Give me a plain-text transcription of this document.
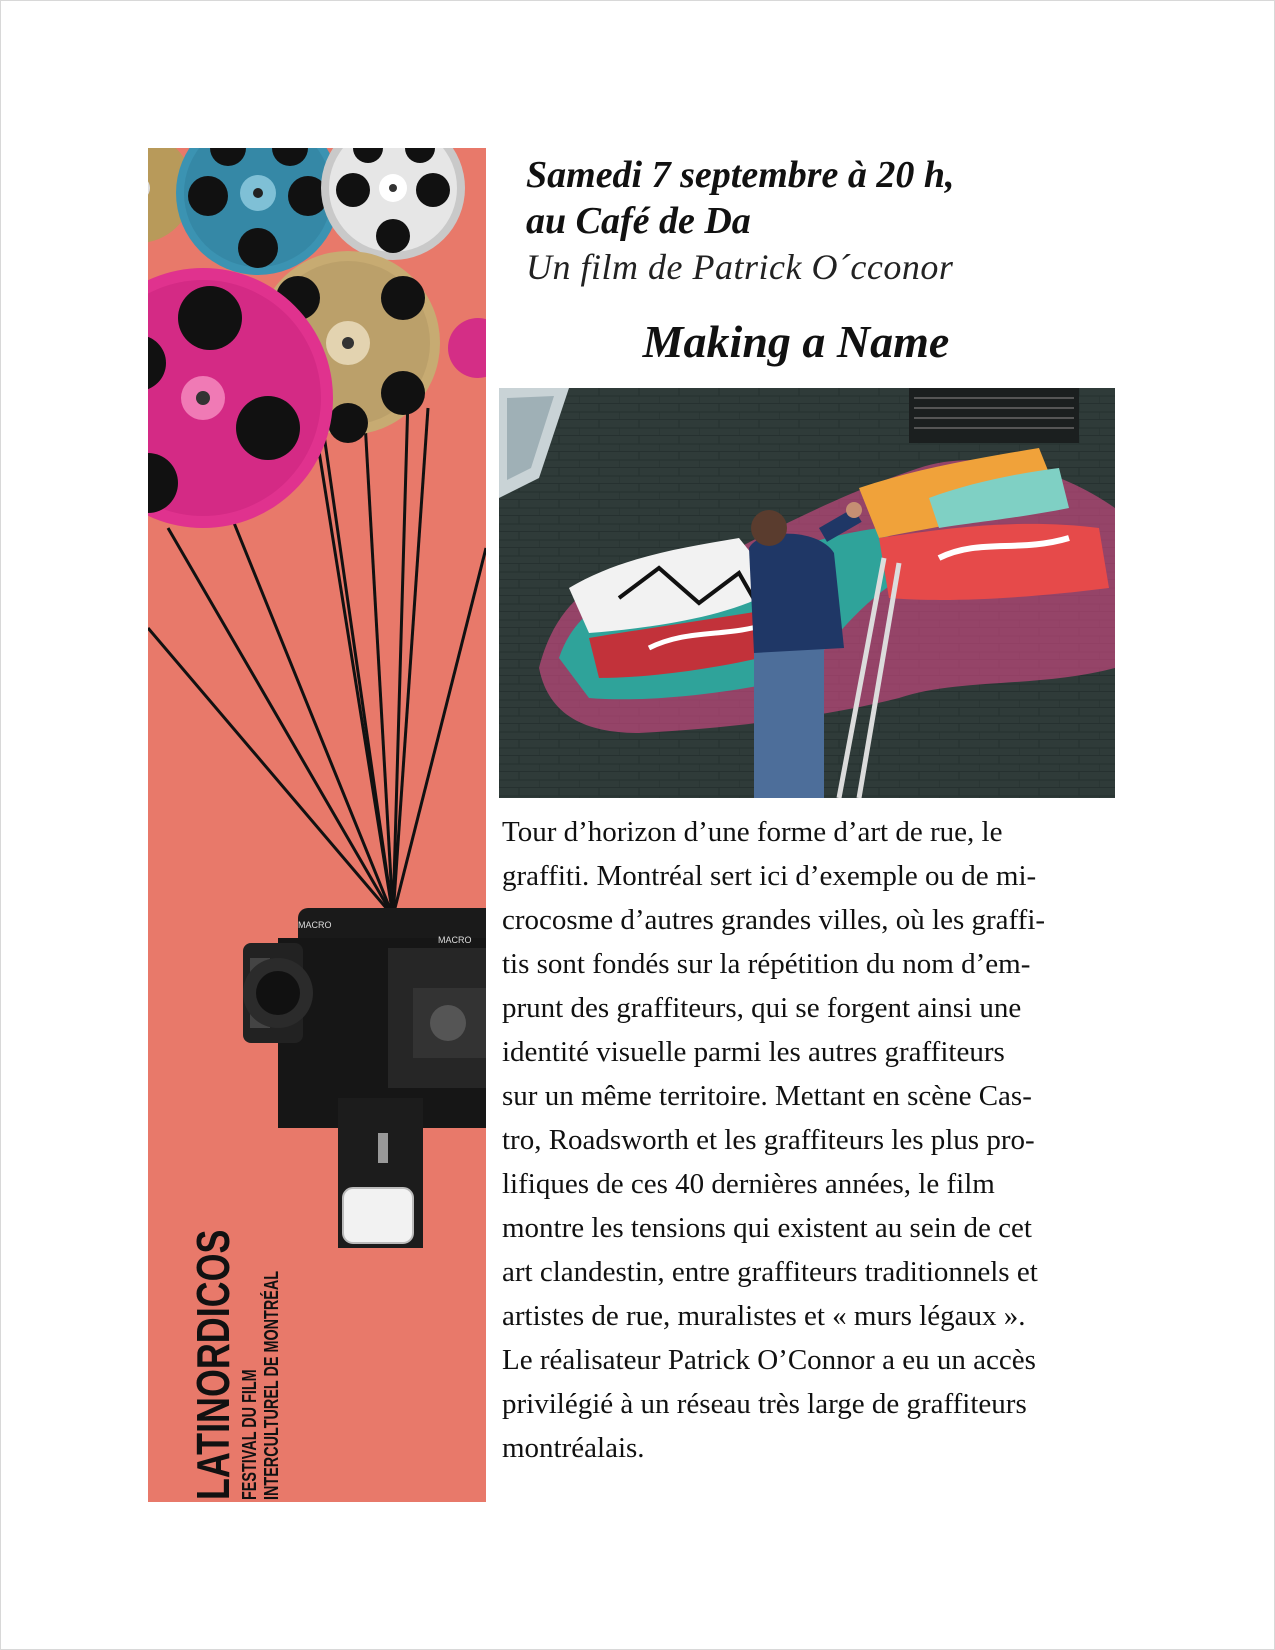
MACRO
MACRO
LATINORDICOS FESTIVAL DU FILM INTERCULTUREL DE MONTRÉAL
Samedi 7 septembre à 20 h,
au Café de Da
Un film de Patrick O´cconor
Making a Name
Tour d’horizon d’une forme d’art de rue, le
graffiti. Montréal sert ici d’exemple ou de mi-
crocosme d’autres grandes villes, où les graffi-
tis sont fondés sur la répétition du nom d’em-
prunt des graffiteurs, qui se forgent ainsi une
identité visuelle parmi les autres graffiteurs
sur un même territoire. Mettant en scène Cas-
tro, Roadsworth et les graffiteurs les plus pro-
lifiques de ces 40 dernières années, le film
montre les tensions qui existent au sein de cet
art clandestin, entre graffiteurs traditionnels et
artistes de rue, muralistes et « murs légaux ».
Le réalisateur Patrick O’Connor a eu un accès
privilégié à un réseau très large de graffiteurs
montréalais.
